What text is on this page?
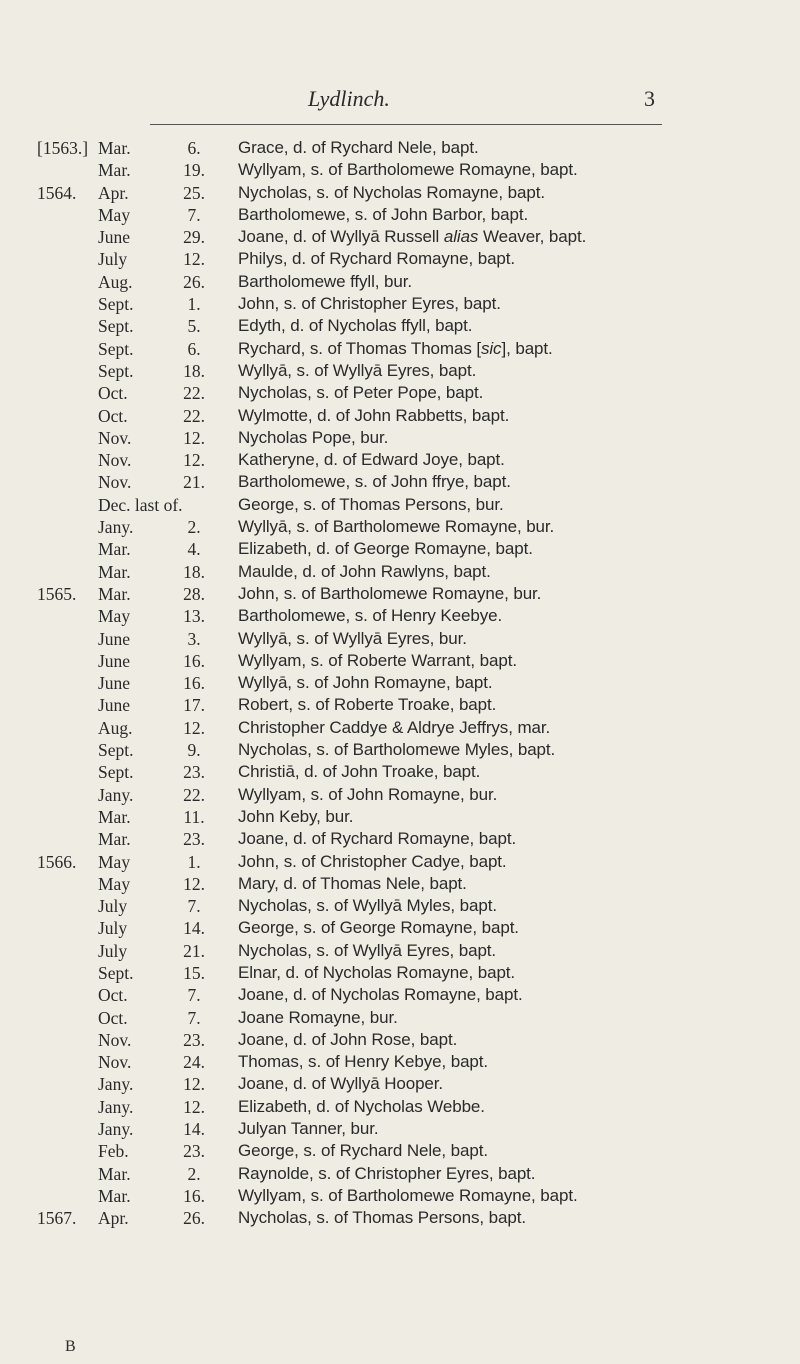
Lydlinch.	3
[1563.] Mar.	6.	Grace, d. of Rychard Nele, bapt.
Mar.	19.	Wyllyam, s. of Bartholomewe Romayne, bapt.
1564. Apr.	25.	Nycholas, s. of Nycholas Romayne, bapt.
May	7.	Bartholomewe, s. of John Barbor, bapt.
June	29.	Joane, d. of Wyllyā Russell alias Weaver, bapt.
July	12.	Philys, d. of Rychard Romayne, bapt.
Aug.	26.	Bartholomewe ffyll, bur.
Sept.	1.	John, s. of Christopher Eyres, bapt.
Sept.	5.	Edyth, d. of Nycholas ffyll, bapt.
Sept.	6.	Rychard, s. of Thomas Thomas [sic], bapt.
Sept.	18.	Wyllyā, s. of Wyllyā Eyres, bapt.
Oct.	22.	Nycholas, s. of Peter Pope, bapt.
Oct.	22.	Wylmotte, d. of John Rabbetts, bapt.
Nov.	12.	Nycholas Pope, bur.
Nov.	12.	Katheryne, d. of Edward Joye, bapt.
Nov.	21.	Bartholomewe, s. of John ffrye, bapt.
Dec. last of.	George, s. of Thomas Persons, bur.
Jany.	2.	Wyllyā, s. of Bartholomewe Romayne, bur.
Mar.	4.	Elizabeth, d. of George Romayne, bapt.
Mar.	18.	Maulde, d. of John Rawlyns, bapt.
1565. Mar.	28.	John, s. of Bartholomewe Romayne, bur.
May	13.	Bartholomewe, s. of Henry Keebye.
June	3.	Wyllyā, s. of Wyllyā Eyres, bur.
June	16.	Wyllyam, s. of Roberte Warrant, bapt.
June	16.	Wyllyā, s. of John Romayne, bapt.
June	17.	Robert, s. of Roberte Troake, bapt.
Aug.	12.	Christopher Caddye & Aldrye Jeffrys, mar.
Sept.	9.	Nycholas, s. of Bartholomewe Myles, bapt.
Sept.	23.	Christiā, d. of John Troake, bapt.
Jany.	22.	Wyllyam, s. of John Romayne, bur.
Mar.	11.	John Keby, bur.
Mar.	23.	Joane, d. of Rychard Romayne, bapt.
1566. May	1.	John, s. of Christopher Cadye, bapt.
May	12.	Mary, d. of Thomas Nele, bapt.
July	7.	Nycholas, s. of Wyllyā Myles, bapt.
July	14.	George, s. of George Romayne, bapt.
July	21.	Nycholas, s. of Wyllyā Eyres, bapt.
Sept.	15.	Elnar, d. of Nycholas Romayne, bapt.
Oct.	7.	Joane, d. of Nycholas Romayne, bapt.
Oct.	7.	Joane Romayne, bur.
Nov.	23.	Joane, d. of John Rose, bapt.
Nov.	24.	Thomas, s. of Henry Kebye, bapt.
Jany.	12.	Joane, d. of Wyllyā Hooper.
Jany.	12.	Elizabeth, d. of Nycholas Webbe.
Jany.	14.	Julyan Tanner, bur.
Feb.	23.	George, s. of Rychard Nele, bapt.
Mar.	2.	Raynolde, s. of Christopher Eyres, bapt.
Mar.	16.	Wyllyam, s. of Bartholomewe Romayne, bapt.
1567. Apr.	26.	Nycholas, s. of Thomas Persons, bapt.
B
